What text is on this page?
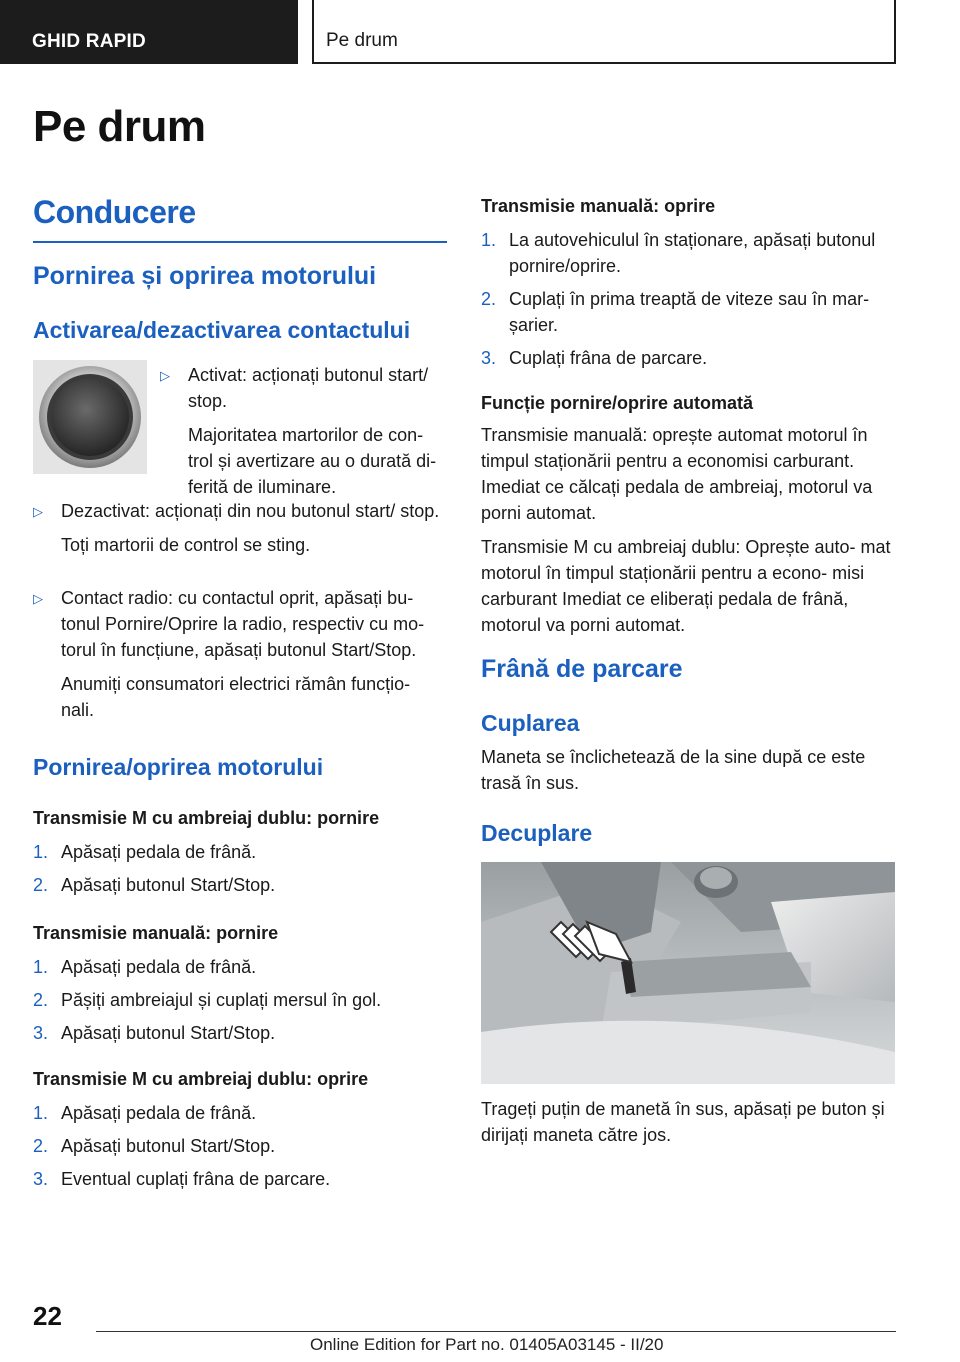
GHID RAPID	Pe drum
Pe drum
Conducere
Pornirea și oprirea motorului
Activarea/dezactivarea contactului
▷	Activat: acționați butonul start/ stop.
Majoritatea martorilor de con- trol și avertizare au o durată di- ferită de iluminare.
▷	Dezactivat: acționați din nou butonul start/ stop.
Toți martorii de control se sting.
▷	Contact radio: cu contactul oprit, apăsați bu- tonul Pornire/Oprire la radio, respectiv cu mo- torul în funcțiune, apăsați butonul Start/Stop.
Anumiți consumatori electrici rămân funcțio- nali.
Pornirea/oprirea motorului
Transmisie M cu ambreiaj dublu: pornire
1. Apăsați pedala de frână.
2. Apăsați butonul Start/Stop.
Transmisie manuală: pornire
1. Apăsați pedala de frână.
2. Pășiți ambreiajul și cuplați mersul în gol.
3. Apăsați butonul Start/Stop.
Transmisie M cu ambreiaj dublu: oprire
1. Apăsați pedala de frână.
2. Apăsați butonul Start/Stop.
3. Eventual cuplați frâna de parcare.
Transmisie manuală: oprire
1. La autovehiculul în staționare, apăsați butonul pornire/oprire.
2. Cuplați în prima treaptă de viteze sau în mar- șarier.
3. Cuplați frâna de parcare.
Funcție pornire/oprire automată
Transmisie manuală: oprește automat motorul în timpul staționării pentru a economisi carburant. Imediat ce călcați pedala de ambreiaj, motorul va porni automat.
Transmisie M cu ambreiaj dublu: Oprește auto- mat motorul în timpul staționării pentru a econo- misi carburant Imediat ce eliberați pedala de frână, motorul va porni automat.
Frână de parcare
Cuplarea
Maneta se înclichetează de la sine după ce este trasă în sus.
Decuplare
Trageți puțin de manetă în sus, apăsați pe buton și dirijați maneta către jos.
22
Online Edition for Part no. 01405A03145 - II/20
